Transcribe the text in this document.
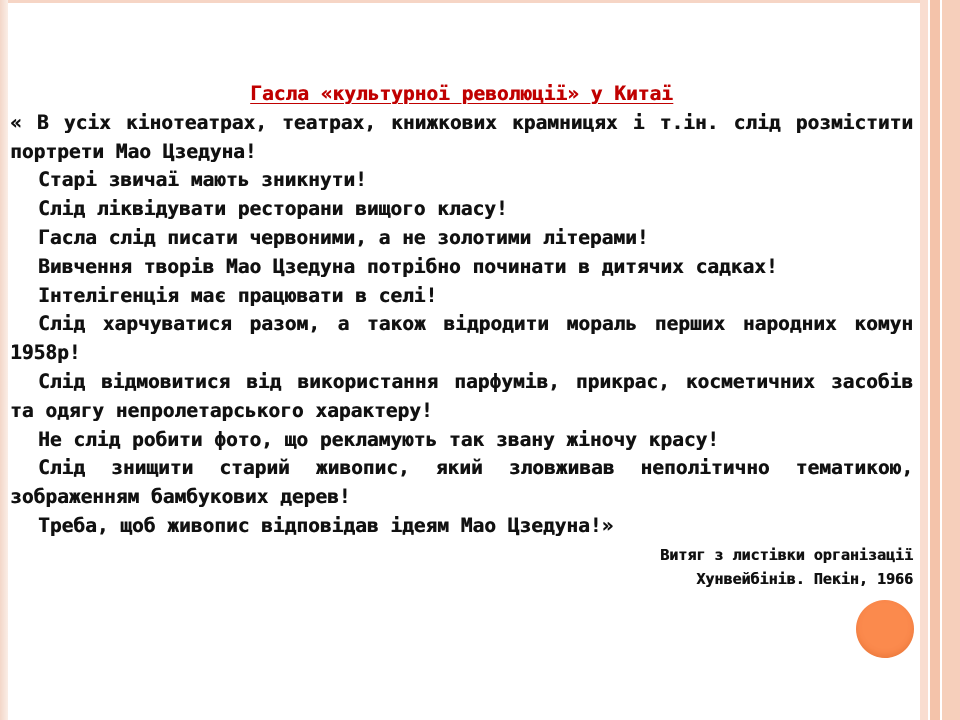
Гасла «культурної революції» у Китаї
« В усіх кінотеатрах, театрах, книжкових крамницях і т.ін. слід розмістити портрети Мао Цзедуна!
Старі звичаї мають зникнути!
Слід ліквідувати ресторани вищого класу!
Гасла слід писати червоними, а не золотими літерами!
Вивчення творів Мао Цзедуна потрібно починати в дитячих садках!
Інтелігенція має працювати в селі!
Слід харчуватися разом, а також відродити мораль перших народних комун 1958р!
Слід відмовитися від використання парфумів, прикрас, косметичних засобів та одягу непролетарського характеру!
Не слід робити фото, що рекламують так звану жіночу красу!
Слід знищити старий живопис, який зловживав неполітично тематикою, зображенням бамбукових дерев!
Треба, щоб живопис відповідав ідеям Мао Цзедуна!»
Витяг з листівки організації
Хунвейбінів. Пекін, 1966
